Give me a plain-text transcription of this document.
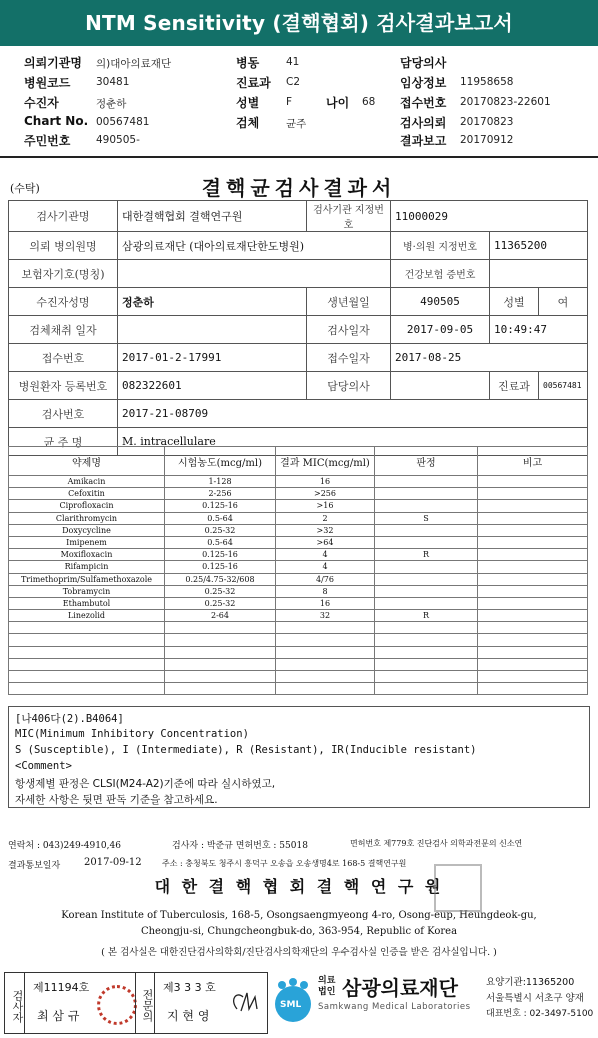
NTM Sensitivity (결핵협회) 검사결과보고서
의뢰기관명 의)대아의료재단
병원코드 30481
수진자	정춘하
Chart No. 00567481
주민번호 490505-
병동	41
진료과 C2
성별	F	나이 68
검체	균주
담당의사
임상정보 11958658
접수번호 20170823-22601
검사의뢰 20170823
결과보고 20170912
(수탁)	결핵균검사결과서
검사기관명	대한결핵협회 결핵연구원	검사기관 지정번호	11000029		
의뢰 병의원명	삼광의료재단 (대아의료재단한도병원)		병·의원 지정번호	11365200	
보험자기호(명칭)			건강보험 증번호		
수진자성명	정춘하	생년월일	490505	성별	여
검체채취 일자		검사일자	2017-09-05	10:49:47	
접수번호	2017-01-2-17991	접수일자	2017-08-25		
병원환자 등록번호	082322601	담당의사		진료과	00567481
검사번호	2017-21-08709				
균 주 명	M. intracellulare				
약제명	시험농도(mcg/ml)	결과 MIC(mcg/ml)	판정	비고
Amikacin	1-128	16		
Cefoxitin	2-256	>256		
Ciprofloxacin	0.125-16	>16		
Clarithromycin	0.5-64	2	S	
Doxycycline	0.25-32	>32		
Imipenem	0.5-64	>64		
Moxifloxacin	0.125-16	4	R	
Rifampicin	0.125-16	4		
Trimethoprim/Sulfamethoxazole	0.25/4.75-32/608	4/76		
Tobramycin	0.25-32	8		
Ethambutol	0.25-32	16		
Linezolid	2-64	32	R	

[나406다(2).B4064]
MIC(Minimum Inhibitory Concentration)
S (Susceptible), I (Intermediate), R (Resistant), IR(Inducible resistant)
<Comment>
항생제별 판정은 CLSI(M24-A2)기준에 따라 실시하였고,
자세한 사항은 뒷면 판독 기준을 참고하세요.
연락처 : 043)249-4910,46	검사자 : 박준규 면허번호 : 55018	면허번호 제779호 진단검사 의학과전문의 신소연
결과통보일자 2017-09-12	주소 : 충청북도 청주시 흥덕구 오송읍 오송생명4로 168-5 결핵연구원
대 한 결 핵 협 회 결 핵 연 구 원
Korean Institute of Tuberculosis, 168-5, Osongsaengmyeong 4-ro, Osong-eup, Heungdeok-gu,
Cheongju-si, Chungcheongbuk-do, 363-954, Republic of Korea
( 본 검사실은 대한진단검사의학회/진단검사의학재단의 우수검사실 인증을 받은 검사실입니다. )
검사자
제11194호
최 삼 규	전문의
제3 3 3 호
지 현 영
SML
의료법인 삼광의료재단
Samkwang Medical Laboratories
요양기관:11365200
서울특별시 서초구 양재
대표번호 : 02-3497-5100
